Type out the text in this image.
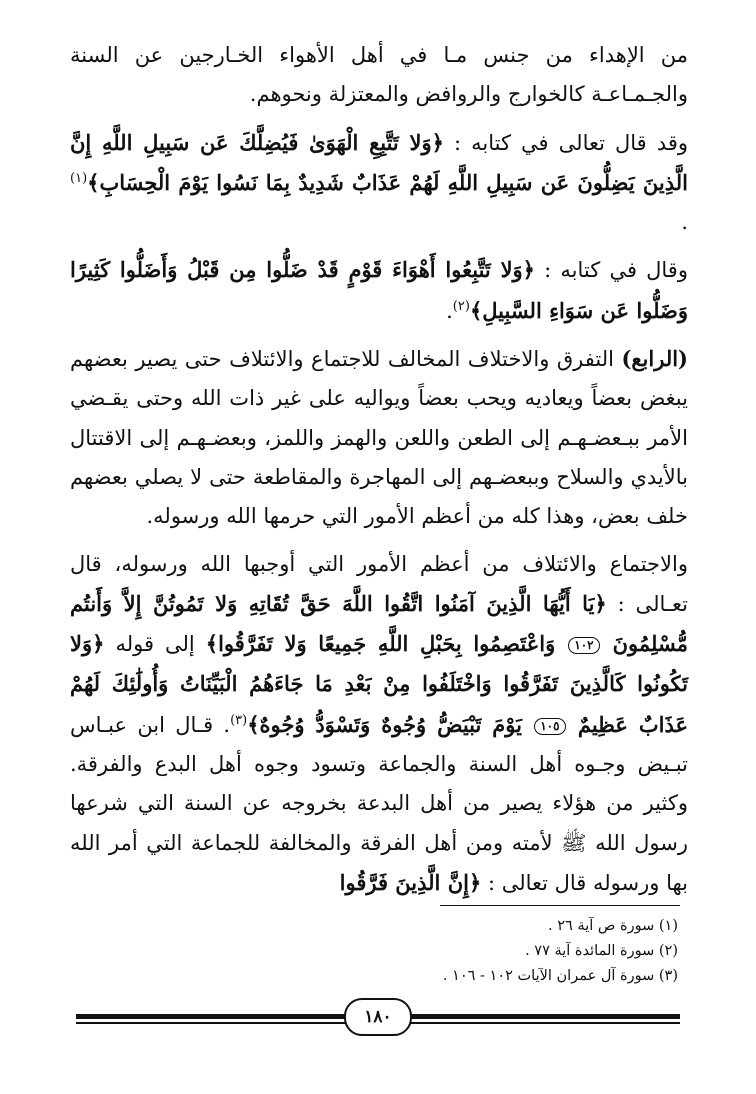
من الإهداء من جنس مـا في أهل الأهواء الخـارجين عن السنة والجـمـاعـة كالخوارج والروافض والمعتزلة ونحوهم.

وقد قال تعالى في كتابه : ﴿وَلا تَتَّبِعِ الْهَوَىٰ فَيُضِلَّكَ عَن سَبِيلِ اللَّهِ إِنَّ الَّذِينَ يَضِلُّونَ عَن سَبِيلِ اللَّهِ لَهُمْ عَذَابٌ شَدِيدٌ بِمَا نَسُوا يَوْمَ الْحِسَابِ﴾$^{(١)}$ .

وقال في كتابه : ﴿وَلا تَتَّبِعُوا أَهْوَاءَ قَوْمٍ قَدْ ضَلُّوا مِن قَبْلُ وَأَضَلُّوا كَثِيرًا وَضَلُّوا عَن سَوَاءِ السَّبِيلِ﴾$^{(٢)}$.

(الرابع) التفرق والاختلاف المخالف للاجتماع والائتلاف حتى يصير بعضهم يبغض بعضاً ويعاديه ويحب بعضاً ويواليه على غير ذات الله وحتى يقـضي الأمر ببـعضـهـم إلى الطعن واللعن والهمز واللمز، وبعضـهـم إلى الاقتتال بالأيدي والسلاح وببعضـهم إلى المهاجرة والمقاطعة حتى لا يصلي بعضهم خلف بعض، وهذا كله من أعظم الأمور التي حرمها الله ورسوله.

والاجتماع والائتلاف من أعظم الأمور التي أوجبها الله ورسوله، قال تعـالى : ﴿يَا أَيُّهَا الَّذِينَ آمَنُوا اتَّقُوا اللَّهَ حَقَّ تُقَاتِهِ وَلا تَمُوتُنَّ إِلاَّ وَأَنتُم مُّسْلِمُونَ ١٠٢ وَاعْتَصِمُوا بِحَبْلِ اللَّهِ جَمِيعًا وَلا تَفَرَّقُوا﴾ إلى قوله ﴿وَلا تَكُونُوا كَالَّذِينَ تَفَرَّقُوا وَاخْتَلَفُوا مِنْ بَعْدِ مَا جَاءَهُمُ الْبَيِّنَاتُ وَأُولَٰئِكَ لَهُمْ عَذَابٌ عَظِيمٌ ١٠٥ يَوْمَ تَبْيَضُّ وُجُوهٌ وَتَسْوَدُّ وُجُوهٌ﴾$^{(٣)}$. قـال ابن عبـاس تبـيض وجـوه أهل السنة والجماعة وتسود وجوه أهل البدع والفرقة. وكثير من هؤلاء يصير من أهل البدعة بخروجه عن السنة التي شرعها رسول الله ﷺ لأمته ومن أهل الفرقة والمخالفة للجماعة التي أمر الله بها ورسوله قال تعالى : ﴿إِنَّ الَّذِينَ فَرَّقُوا

(١) سورة ص آية ٢٦ .
(٢) سورة المائدة آية ٧٧ .
(٣) سورة آل عمران الآيات ١٠٢ - ١٠٦ .
١٨٠
